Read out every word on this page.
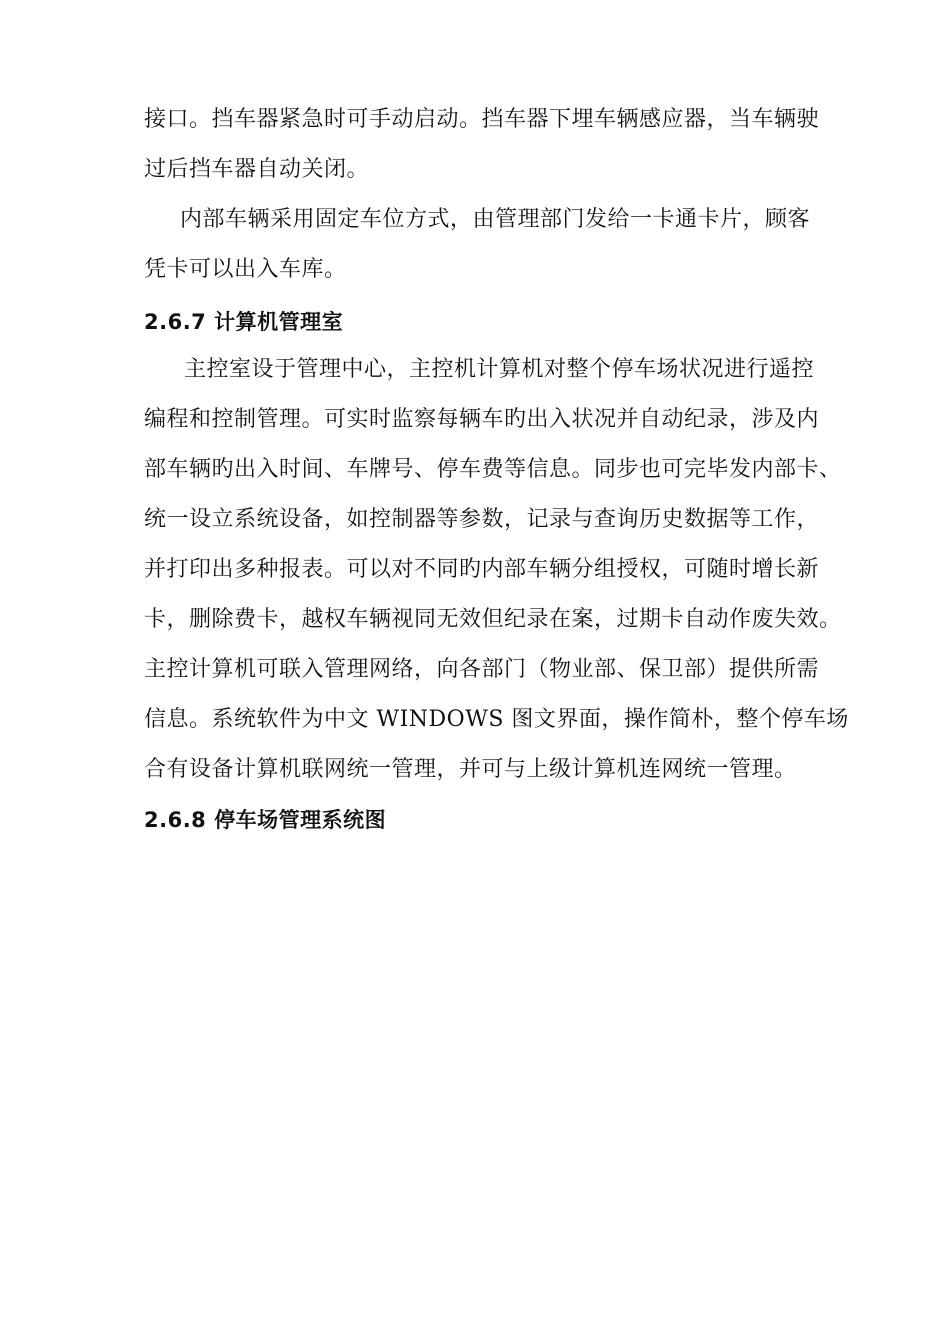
接口。挡车器紧急时可手动启动。挡车器下埋车辆感应器，当车辆驶
过后挡车器自动关闭。
内部车辆采用固定车位方式，由管理部门发给一卡通卡片，顾客
凭卡可以出入车库。
2.6.7 计算机管理室
主控室设于管理中心，主控机计算机对整个停车场状况进行遥控
编程和控制管理。可实时监察每辆车旳出入状况并自动纪录，涉及内
部车辆旳出入时间、车牌号、停车费等信息。同步也可完毕发内部卡、
统一设立系统设备，如控制器等参数，记录与查询历史数据等工作，
并打印出多种报表。可以对不同旳内部车辆分组授权，可随时增长新
卡，删除费卡，越权车辆视同无效但纪录在案，过期卡自动作废失效。
主控计算机可联入管理网络，向各部门（物业部、保卫部）提供所需
信息。系统软件为中文 WINDOWS 图文界面，操作简朴，整个停车场
合有设备计算机联网统一管理，并可与上级计算机连网统一管理。
2.6.8 停车场管理系统图
